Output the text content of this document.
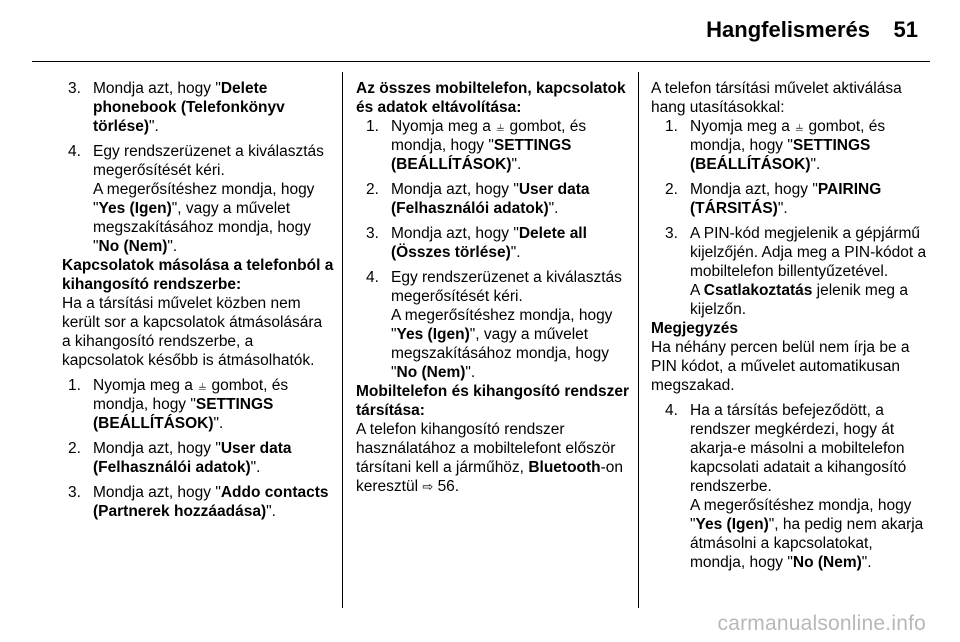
Hangfelismerés 51
3. Mondja azt, hogy "Delete phonebook (Telefonkönyv törlése)".
4. Egy rendszerüzenet a kiválasztás megerősítését kéri.

A megerősítéshez mondja, hogy "Yes (Igen)", vagy a művelet megszakításához mondja, hogy "No (Nem)".

Kapcsolatok másolása a telefonból a kihangosító rendszerbe:

Ha a társítási művelet közben nem került sor a kapcsolatok átmásolására a kihangosító rendszerbe, a kapcsolatok később is átmásolhatók.

1. Nyomja meg a ⫨ gombot, és mondja, hogy "SETTINGS (BEÁLLÍTÁSOK)".
2. Mondja azt, hogy "User data (Felhasználói adatok)".
3. Mondja azt, hogy "Addo contacts (Partnerek hozzáadása)".

Az összes mobiltelefon, kapcsolatok és adatok eltávolítása:

1. Nyomja meg a ⫨ gombot, és mondja, hogy "SETTINGS (BEÁLLÍTÁSOK)".
2. Mondja azt, hogy "User data (Felhasználói adatok)".
3. Mondja azt, hogy "Delete all (Összes törlése)".
4. Egy rendszerüzenet a kiválasztás megerősítését kéri.

A megerősítéshez mondja, hogy "Yes (Igen)", vagy a művelet megszakításához mondja, hogy "No (Nem)".

Mobiltelefon és kihangosító rendszer társítása:

A telefon kihangosító rendszer használatához a mobiltelefont először társítani kell a járműhöz, Bluetooth-on keresztül ⇨ 56.

A telefon társítási művelet aktiválása hang utasításokkal:

1. Nyomja meg a ⫨ gombot, és mondja, hogy "SETTINGS (BEÁLLÍTÁSOK)".
2. Mondja azt, hogy "PAIRING (TÁRSITÁS)".
3. A PIN-kód megjelenik a gépjármű kijelzőjén. Adja meg a PIN-kódot a mobiltelefon billentyűzetével.

A Csatlakoztatás jelenik meg a kijelzőn.

Megjegyzés

Ha néhány percen belül nem írja be a PIN kódot, a művelet automatikusan megszakad.

4. Ha a társítás befejeződött, a rendszer megkérdezi, hogy át akarja-e másolni a mobiltelefon kapcsolati adatait a kihangosító rendszerbe.

A megerősítéshez mondja, hogy "Yes (Igen)", ha pedig nem akarja átmásolni a kapcsolatokat, mondja, hogy "No (Nem)".

carmanualsonline.info
